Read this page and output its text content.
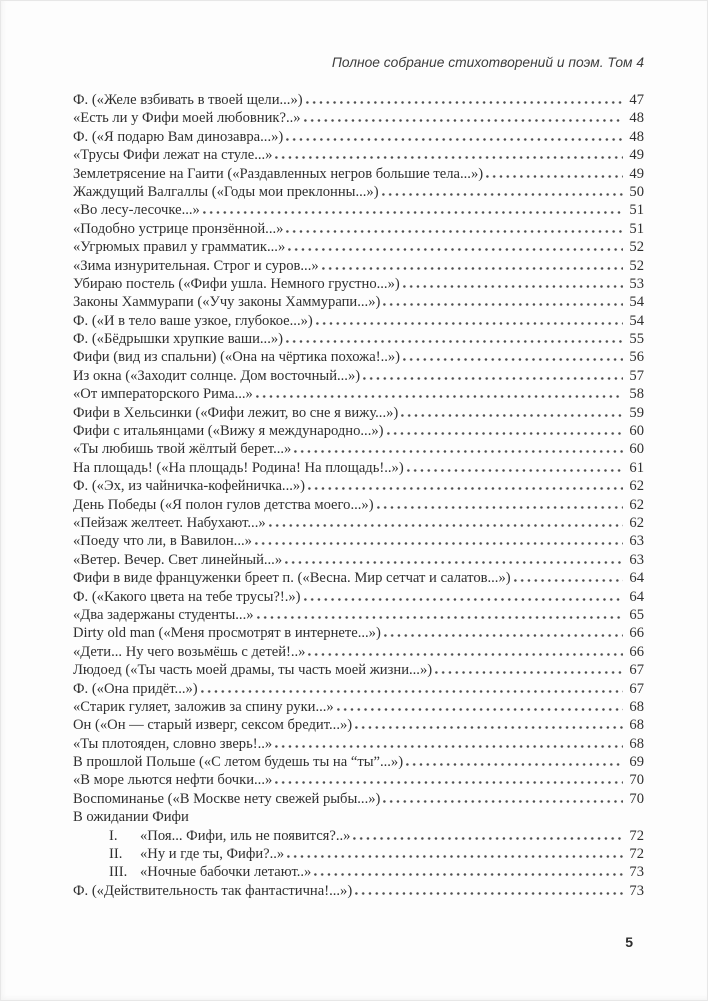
Полное собрание стихотворений и поэм. Том 4
Ф. («Желе взбивать в твоей щели...»)	47
«Есть ли у Фифи моей любовник?..»	48
Ф. («Я подарю Вам динозавра...»)	48
«Трусы Фифи лежат на стуле...»	49
Землетрясение на Гаити («Раздавленных негров большие тела...»)	49
Жаждущий Валгаллы («Годы мои преклонны...»)	50
«Во лесу-лесочке...»	51
«Подобно устрице пронзённой...»	51
«Угрюмых правил у грамматик...»	52
«Зима изнурительная. Строг и суров...»	52
Убираю постель («Фифи ушла. Немного грустно...»)	53
Законы Хаммурапи («Учу законы Хаммурапи...»)	54
Ф. («И в тело ваше узкое, глубокое...»)	54
Ф. («Бёдрышки хрупкие ваши...»)	55
Фифи (вид из спальни) («Она на чёртика похожа!..»)	56
Из окна («Заходит солнце. Дом восточный...»)	57
«От императорского Рима...»	58
Фифи в Хельсинки («Фифи лежит, во сне я вижу...»)	59
Фифи с итальянцами («Вижу я международно...»)	60
«Ты любишь твой жёлтый берет...»	60
На площадь! («На площадь! Родина! На площадь!..»)	61
Ф. («Эх, из чайничка-кофейничка...»)	62
День Победы («Я полон гулов детства моего...»)	62
«Пейзаж желтеет. Набухают...»	62
«Поеду что ли, в Вавилон...»	63
«Ветер. Вечер. Свет линейный...»	63
Фифи в виде француженки бреет п. («Весна. Мир сетчат и салатов...»)	64
Ф. («Какого цвета на тебе трусы?!.»)	64
«Два задержаны студенты...»	65
Dirty old man («Меня просмотрят в интернете...»)	66
«Дети... Ну чего возьмёшь с детей!..»	66
Людоед («Ты часть моей драмы, ты часть моей жизни...»)	67
Ф. («Она придёт...»)	67
«Старик гуляет, заложив за спину руки...»	68
Он («Он — старый изверг, сексом бредит...»)	68
«Ты плотояден, словно зверь!..»	68
В прошлой Польше («С летом будешь ты на “ты”...»)	69
«В море льются нефти бочки...»	70
Воспоминанье («В Москве нету свежей рыбы...»)	70
В ожидании Фифи
I.	«Поя... Фифи, иль не появится?..»	72
II.	«Ну и где ты, Фифи?..»	72
III. «Ночные бабочки летают..»	73
Ф. («Действительность так фантастична!...»)	73
5
